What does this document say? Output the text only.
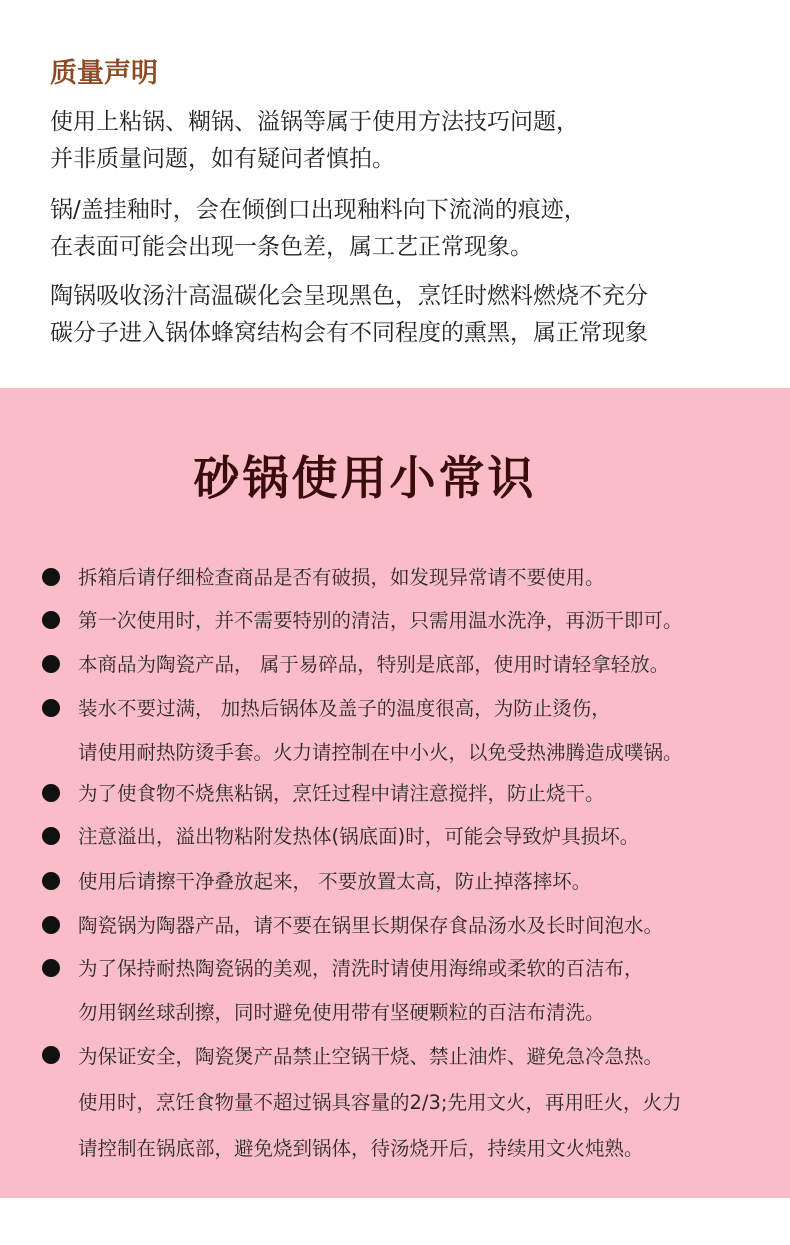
质量声明
使用上粘锅、糊锅、溢锅等属于使用方法技巧问题，
并非质量问题，如有疑问者慎拍。
锅/盖挂釉时，会在倾倒口出现釉料向下流淌的痕迹，
在表面可能会出现一条色差，属工艺正常现象。
陶锅吸收汤汁高温碳化会呈现黑色，烹饪时燃料燃烧不充分
碳分子进入锅体蜂窝结构会有不同程度的熏黑，属正常现象
砂锅使用小常识
拆箱后请仔细检查商品是否有破损，如发现异常请不要使用。
第一次使用时，并不需要特别的清洁，只需用温水洗净，再沥干即可。
本商品为陶瓷产品， 属于易碎品，特别是底部，使用时请轻拿轻放。
装水不要过满， 加热后锅体及盖子的温度很高，为防止烫伤，
请使用耐热防烫手套。火力请控制在中小火，以免受热沸腾造成噗锅。
为了使食物不烧焦粘锅，烹饪过程中请注意搅拌，防止烧干。
注意溢出，溢出物粘附发热体(锅底面)时，可能会导致炉具损坏。
使用后请擦干净叠放起来， 不要放置太高，防止掉落摔坏。
陶瓷锅为陶器产品，请不要在锅里长期保存食品汤水及长时间泡水。
为了保持耐热陶瓷锅的美观，清洗时请使用海绵或柔软的百洁布，
勿用钢丝球刮擦，同时避免使用带有坚硬颗粒的百洁布清洗。
为保证安全，陶瓷煲产品禁止空锅干烧、禁止油炸、避免急冷急热。
使用时，烹饪食物量不超过锅具容量的2/3;先用文火，再用旺火，火力
请控制在锅底部，避免烧到锅体，待汤烧开后，持续用文火炖熟。
